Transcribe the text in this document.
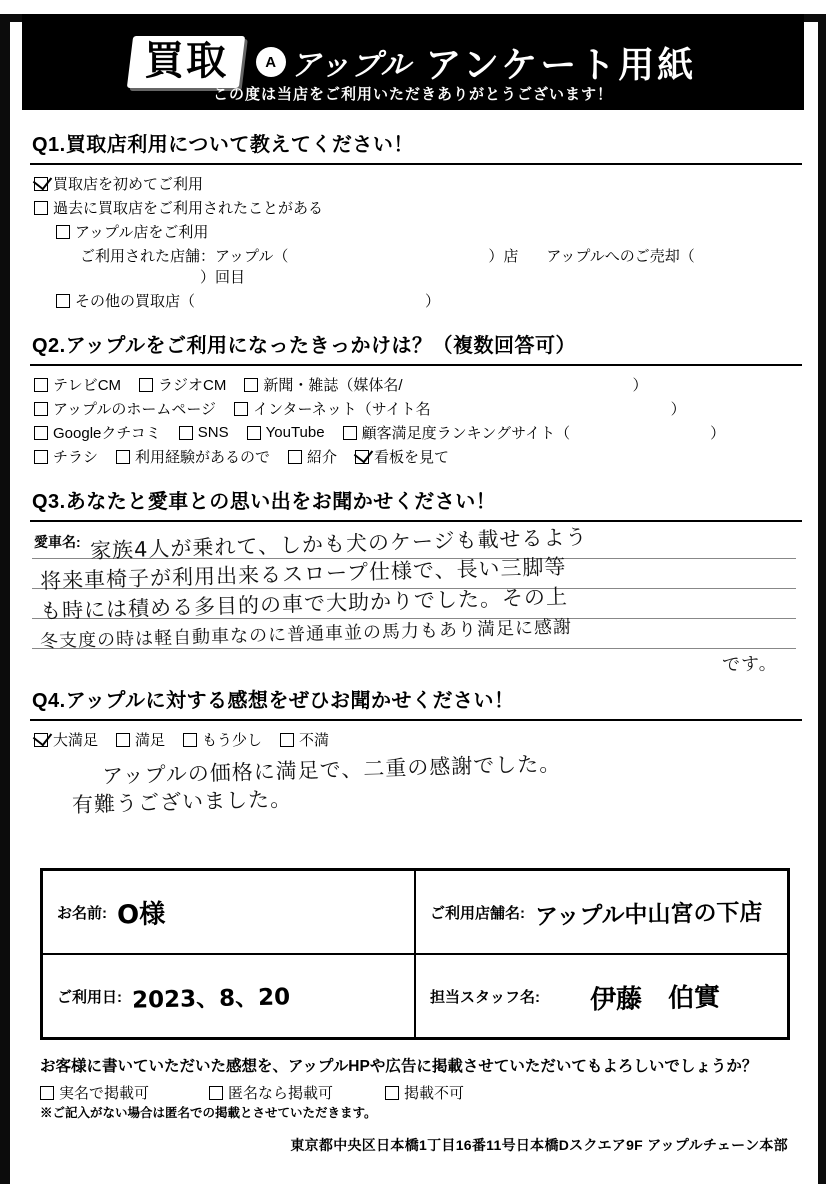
買取	A アップル アンケート用紙
この度は当店をご利用いただきありがとうございます！
Q1.買取店利用について教えてください！
買取店を初めてご利用
過去に買取店をご利用されたことがある
アップル店をご利用
ご利用された店舗：アップル（	）店 アップルへのご売却（
）回目
その他の買取店（	）
Q2.アップルをご利用になったきっかけは？（複数回答可）
テレビCM ラジオCM 新聞・雑誌（媒体名/	）
アップルのホームページ インターネット（サイト名	）
Googleクチコミ SNS YouTube 顧客満足度ランキングサイト（	）
チラシ 利用経験があるので 紹介 看板を見て
Q3.あなたと愛車との思い出をお聞かせください！
愛車名: 家族4人が乗れて、しかも犬のケージも載せるよう
将来車椅子が利用出来るスロープ仕様で、長い三脚等
も時には積める多目的の車で大助かりでした。その上
冬支度の時は軽自動車なのに普通車並の馬力もあり満足に感謝
です。
Q4.アップルに対する感想をぜひお聞かせください！
大満足 満足 もう少し 不満
アップルの価格に満足で、二重の感謝でした。
有難うございました。
お名前: O様	ご利用店舗名: アップル中山宮の下店
ご利用日: 2023、8、20	担当スタッフ名: 伊藤　伯實
お客様に書いていただいた感想を、アップルHPや広告に掲載させていただいてもよろしいでしょうか？
実名で掲載可	匿名なら掲載可	掲載不可
※ご記入がない場合は匿名での掲載とさせていただきます。
東京都中央区日本橋1丁目16番11号日本橋Dスクエア9F アップルチェーン本部
